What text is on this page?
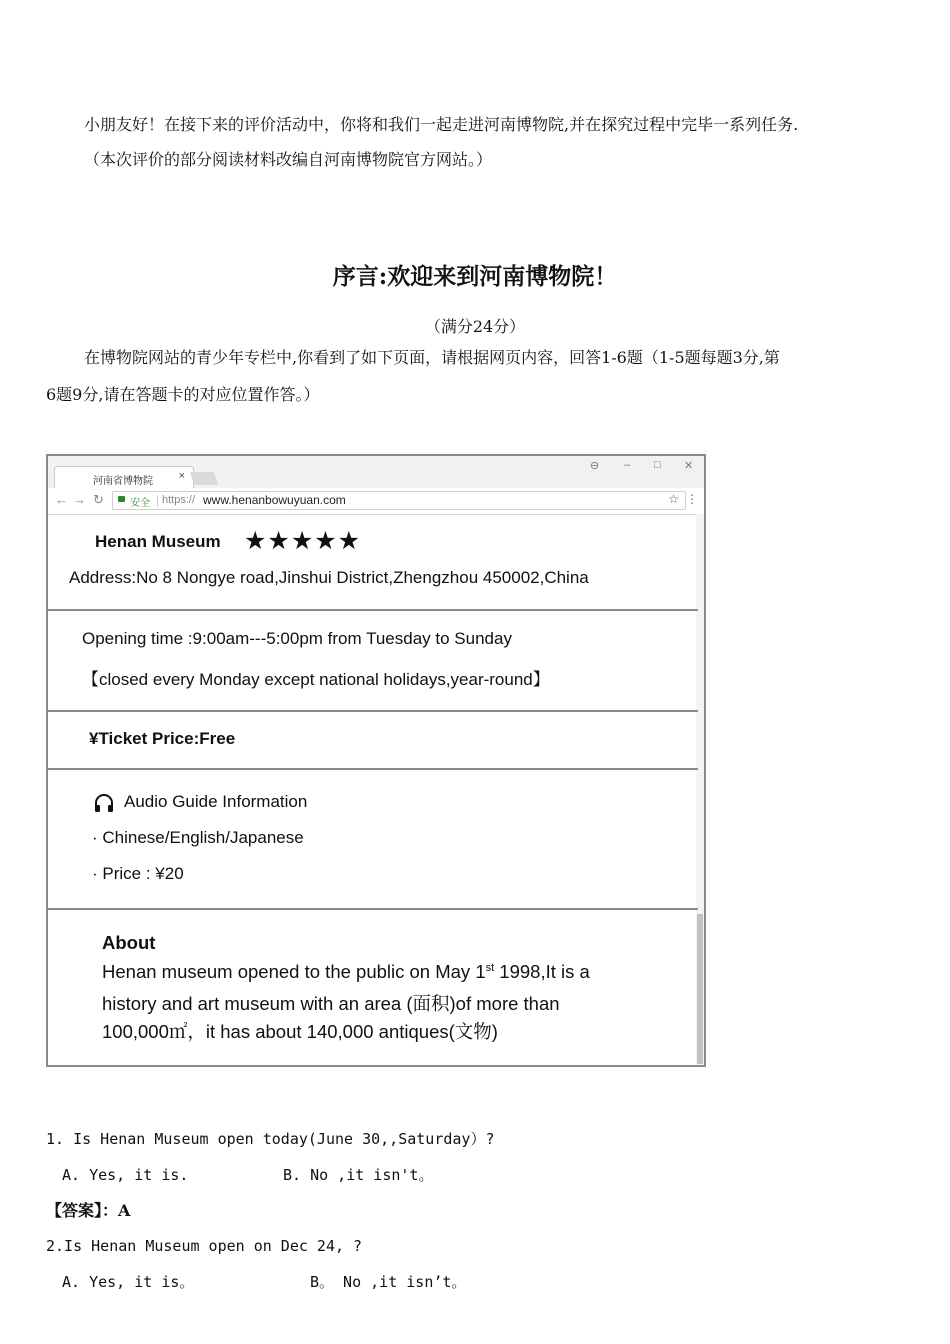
小朋友好！在接下来的评价活动中，你将和我们一起走进河南博物院,并在探究过程中完毕一系列任务.
（本次评价的部分阅读材料改编自河南博物院官方网站。）
序言:欢迎来到河南博物院！
（满分24分）
在博物院网站的青少年专栏中,你看到了如下页面，请根据网页内容，回答1-6题（1-5题每题3分,第
6题9分,请在答题卡的对应位置作答。）
河南省博物院 ×
⊖ – □ ✕
← → ↻	安全 https:// www.henanbowuyuan.com	☆ ⋮
Henan Museum ★★★★★
Address:No 8 Nongye road,Jinshui District,Zhengzhou 450002,China
Opening time :9:00am---5:00pm from Tuesday to Sunday
【closed every Monday except national holidays,year-round】
¥Ticket Price:Free
Audio Guide Information
· Chinese/English/Japanese
· Price : ¥20
About
Henan museum opened to the public on May 1st 1998,It is a
history and art museum with an area (面积)of more than
100,000㎡，it has about 140,000 antiques(文物)
1. Is Henan Museum open today(June 30,,Saturday）?
A. Yes, it is.	B. No ,it isn't。
【答案】：A
2.Is Henan Museum open on Dec 24, ?
A. Yes, it is。	B。 No ,it isn’t。
